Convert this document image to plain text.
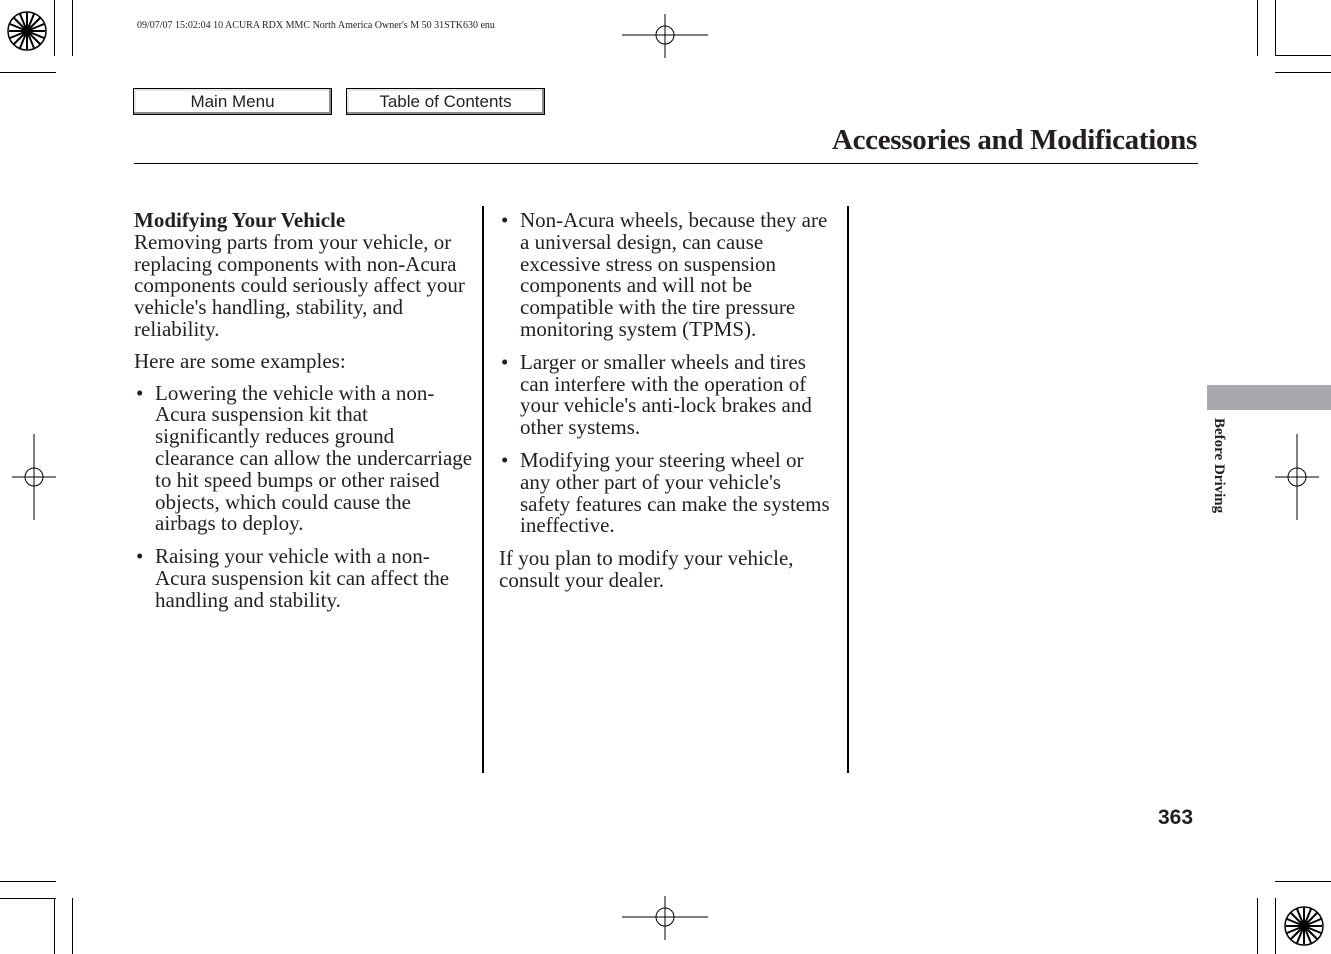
09/07/07 15:02:04 10 ACURA RDX MMC North America Owner's M 50 31STK630 enu
Main Menu	Table of Contents
Accessories and Modifications

Modifying Your Vehicle

Removing parts from your vehicle, or replacing components with non-Acura components could seriously affect your vehicle's handling, stability, and reliability.

Here are some examples:

• Lowering the vehicle with a non-Acura suspension kit that significantly reduces ground clearance can allow the undercarriage to hit speed bumps or other raised objects, which could cause the airbags to deploy.
• Raising your vehicle with a non-Acura suspension kit can affect the handling and stability.
• Non-Acura wheels, because they are a universal design, can cause excessive stress on suspension components and will not be compatible with the tire pressure monitoring system (TPMS).
• Larger or smaller wheels and tires can interfere with the operation of your vehicle's anti-lock brakes and other systems.
• Modifying your steering wheel or any other part of your vehicle's safety features can make the systems ineffective.

If you plan to modify your vehicle, consult your dealer.

Before Driving
363
